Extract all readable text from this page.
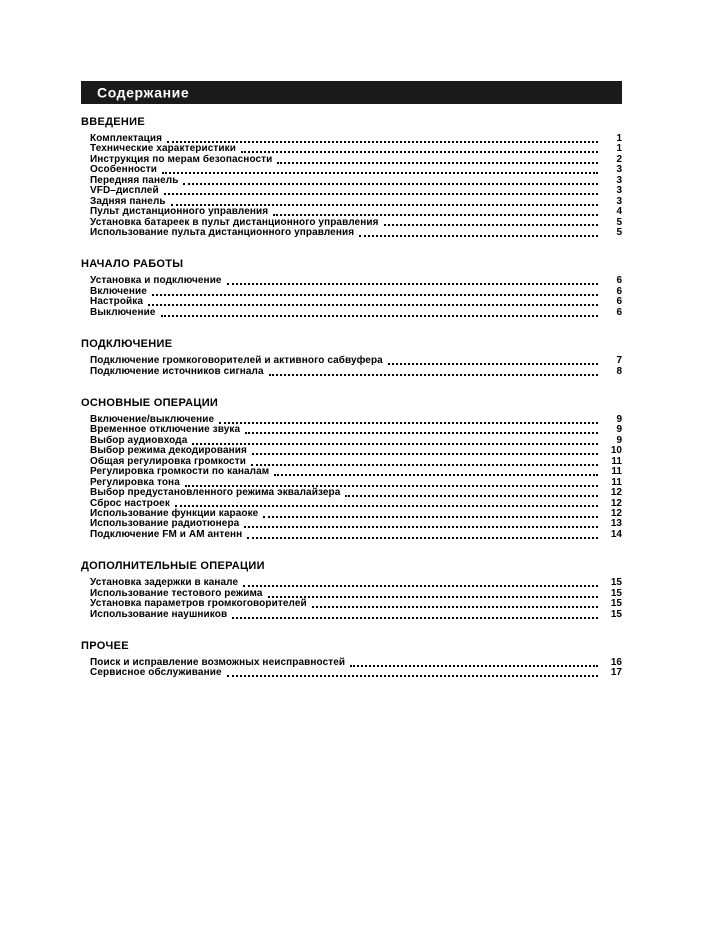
Содержание
ВВЕДЕНИЕ
Комплектация	1
Технические характеристики	1
Инструкция по мерам безопасности	2
Особенности	3
Передняя панель	3
VFD–дисплей	3
Задняя панель	3
Пульт дистанционного управления	4
Установка батареек в пульт дистанционного управления	5
Использование пульта дистанционного управления	5
НАЧАЛО РАБОТЫ
Установка и подключение	6
Включение	6
Настройка	6
Выключение	6
ПОДКЛЮЧЕНИЕ
Подключение громкоговорителей и активного сабвуфера	7
Подключение источников сигнала	8
ОСНОВНЫЕ ОПЕРАЦИИ
Включение/выключение	9
Временное отключение звука	9
Выбор аудиовхода	9
Выбор режима декодирования	10
Общая регулировка громкости	11
Регулировка громкости по каналам	11
Регулировка тона	11
Выбор предустановленного режима эквалайзера	12
Сброс настроек	12
Использование функции караоке	12
Использование радиотюнера	13
Подключение FM и AM антенн	14
ДОПОЛНИТЕЛЬНЫЕ ОПЕРАЦИИ
Установка задержки в канале	15
Использование тестового режима	15
Установка параметров громкоговорителей	15
Использование наушников	15
ПРОЧЕЕ
Поиск и исправление возможных неисправностей	16
Сервисное обслуживание	17
